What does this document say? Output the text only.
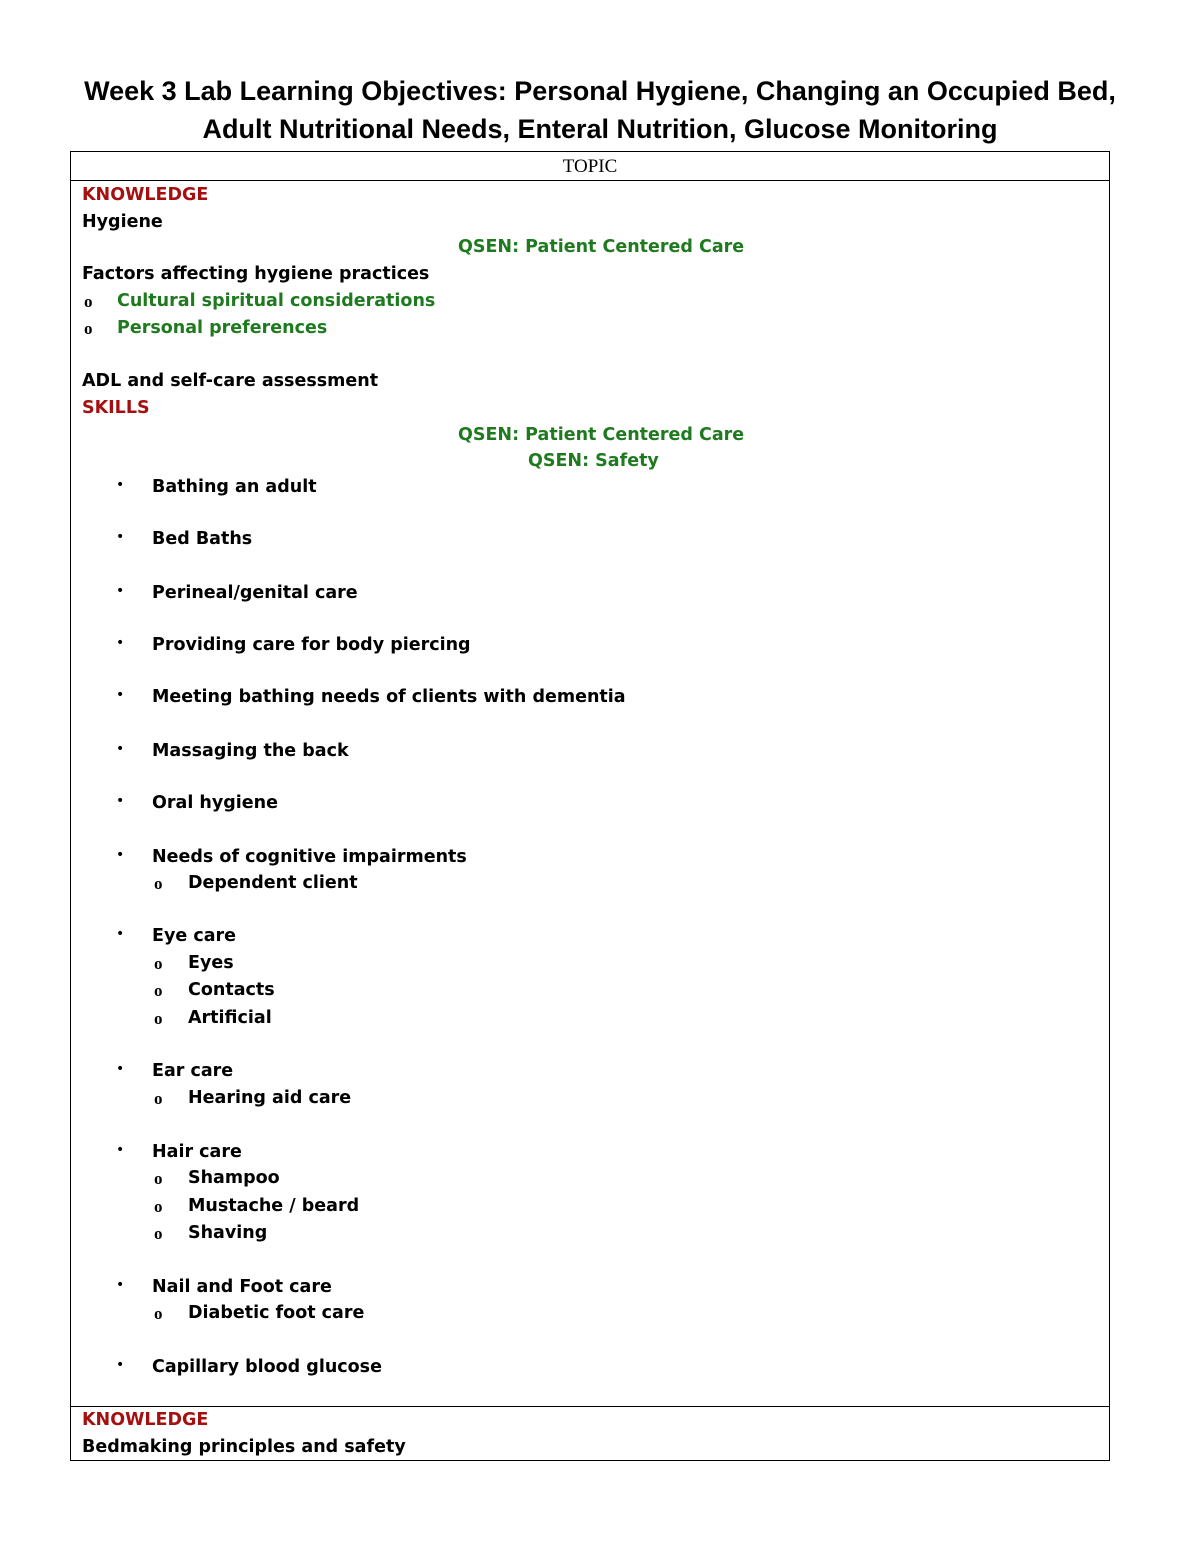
Week 3 Lab Learning Objectives: Personal Hygiene, Changing an Occupied Bed,
Adult Nutritional Needs, Enteral Nutrition, Glucose Monitoring
TOPIC
KNOWLEDGE
Hygiene
QSEN: Patient Centered Care
Factors affecting hygiene practices
o Cultural spiritual considerations
o Personal preferences
ADL and self-care assessment
SKILLS
QSEN: Patient Centered Care
QSEN: Safety
• Bathing an adult
• Bed Baths
• Perineal/genital care
• Providing care for body piercing
• Meeting bathing needs of clients with dementia
• Massaging the back
• Oral hygiene
• Needs of cognitive impairments
o Dependent client
• Eye care
o Eyes
o Contacts
o Artificial
• Ear care
o Hearing aid care
• Hair care
o Shampoo
o Mustache / beard
o Shaving
• Nail and Foot care
o Diabetic foot care
• Capillary blood glucose
KNOWLEDGE
Bedmaking principles and safety
